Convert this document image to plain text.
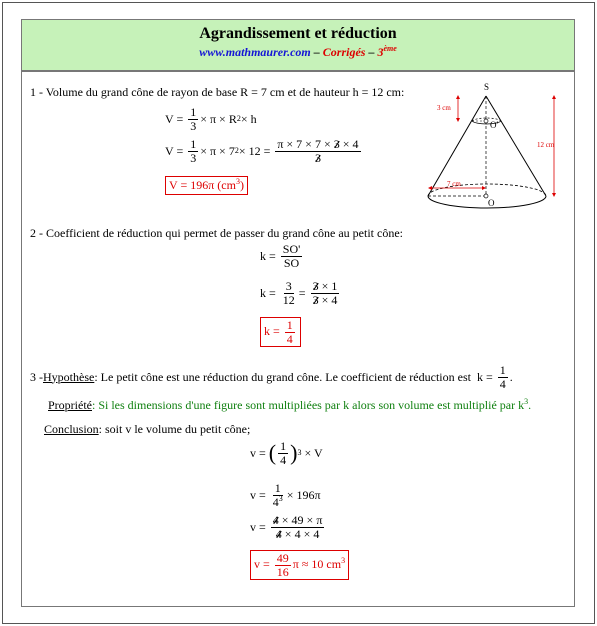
Agrandissement et réduction
www.mathmaurer.com – Corrigés – 3ème
1 - Volume du grand cône de rayon de base R = 7 cm et de hauteur h = 12 cm:
V = 1
3 × π × R 2 × h
V = 1
3 × π × 7 2 × 12 = π × 7 × 7 × 3 × 4
3
V = 196π $(cm^3)$
S
O'
O
3 cm
12 cm
7 cm
2 - Coefficient de réduction qui permet de passer du grand cône au petit cône:
k = SO'
SO
k = 3
12 = 3 × 1
3 × 4
$k = \frac{1}{4}$
3 - Hypothèse : Le petit cône est une réduction du grand cône. Le coefficient de réduction est k = 1
4 .
Propriété: Si les dimensions d'une figure sont multipliées par k alors son volume est multiplié par $k^3$.
Conclusion: soit v le volume du petit cône;
v = ( 1
4 ) 3 × V
v = 1
$4^3 \times 196\pi$
v = 4 × 49 × π
4 × 4 × 4
$v = \frac{49}{16}$ π ≈ 10 $cm^3$
